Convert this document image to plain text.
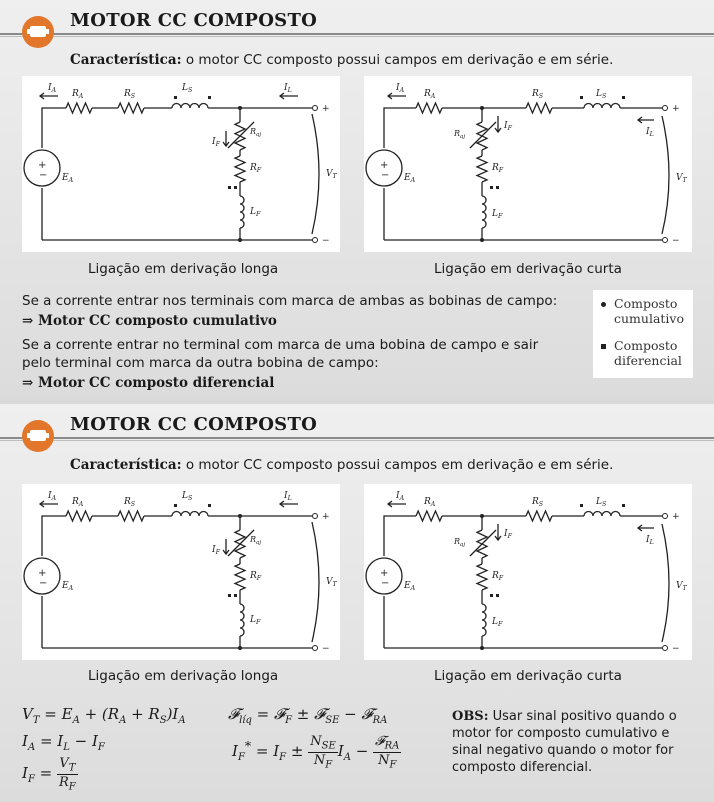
MOTOR CC COMPOSTO
Característica: o motor CC composto possui campos em derivação e em série.
+
−
$I_A$ $R_A$	$R_S$
$L_S$	$I_L$
$I_F$
$R_{aj}$
$R_F$
$L_F$
$E_A$
$V_T$
+
−
+
−
$I_A$ $R_A$	$R_S$	$L_S$
$I_L$
$I_F$
$R_{aj}$
$R_F$
$L_F$
$E_A$	$V_T$
+
−
Ligação em derivação longa	Ligação em derivação curta
Se a corrente entrar nos terminais com marca de ambas as bobinas de campo:
⇒ Motor CC composto cumulativo
Se a corrente entrar no terminal com marca de uma bobina de campo e sair
pelo terminal com marca da outra bobina de campo:
⇒ Motor CC composto diferencial
Composto
cumulativo
Composto
diferencial
MOTOR CC COMPOSTO
Característica: o motor CC composto possui campos em derivação e em série.
+
−
$I_A$ $R_A$	$R_S$
$L_S$	$I_L$
$I_F$
$R_{aj}$
$R_F$
$L_F$
$E_A$
$V_T$
+
−
+
−
$I_A$ $R_A$	$R_S$	$L_S$
$I_L$
$I_F$
$R_{aj}$
$R_F$
$L_F$
$E_A$	$V_T$
+
−
Ligação em derivação longa	Ligação em derivação curta
$V_T = E_A + (R_A + R_S)I_A$
$I_A = I_L - I_F$
$I_F = \frac{V_T}{R_F}$
𝓕$_{líq}$ = 𝓕$_F$ ± 𝓕$_{SE}$ − 𝓕$_{RA}$
$I_F^* = I_F \pm \frac{N_{SE}}{N_F} I_A - \frac{𝓕_{RA}}{N_F}$
OBS: Usar sinal positivo quando o motor for composto cumulativo e sinal negativo quando o motor for composto diferencial.
